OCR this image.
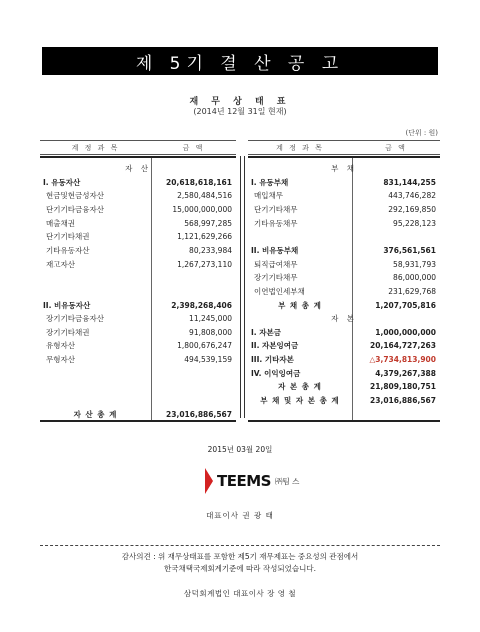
제 5기 결 산 공 고
재 무 상 태 표
(2014년 12월 31일 현재)
(단위 : 원)
계 정 과 목	금 액	계 정 과 목	금 액
자 산
I. 유동자산	20,618,618,161
현금및현금성자산	2,580,484,516
단기기타금융자산	15,000,000,000
매출채권	568,997,285
단기기타채권	1,121,629,266
기타유동자산	80,233,984
재고자산	1,267,273,110
II. 비유동자산	2,398,268,406
장기기타금융자산	11,245,000
장기기타채권	91,808,000
유형자산	1,800,676,247
무형자산	494,539,159
자 산 총 계	23,016,886,567
부 채
I. 유동부채	831,144,255
매입채무	443,746,282
단기기타채무	292,169,850
기타유동채무	95,228,123
II. 비유동부채	376,561,561
퇴직급여채무	58,931,793
장기기타채무	86,000,000
이연법인세부채	231,629,768
부 채 총 계	1,207,705,816
자 본
I. 자본금	1,000,000,000
II. 자본잉여금	20,164,727,263
III. 기타자본	△3,734,813,900
IV. 이익잉여금	4,379,267,388
자 본 총 계	21,809,180,751
부 채 및 자 본 총 계	23,016,886,567
2015년 03월 20일
TEEMS ㈜팀 스
대표이사 권 광 태
감사의견 : 위 재무상태표를 포함한 제5기 재무제표는 중요성의 관점에서
한국채택국제회계기준에 따라 작성되었습니다.
삼덕회계법인 대표이사 장 영 철
